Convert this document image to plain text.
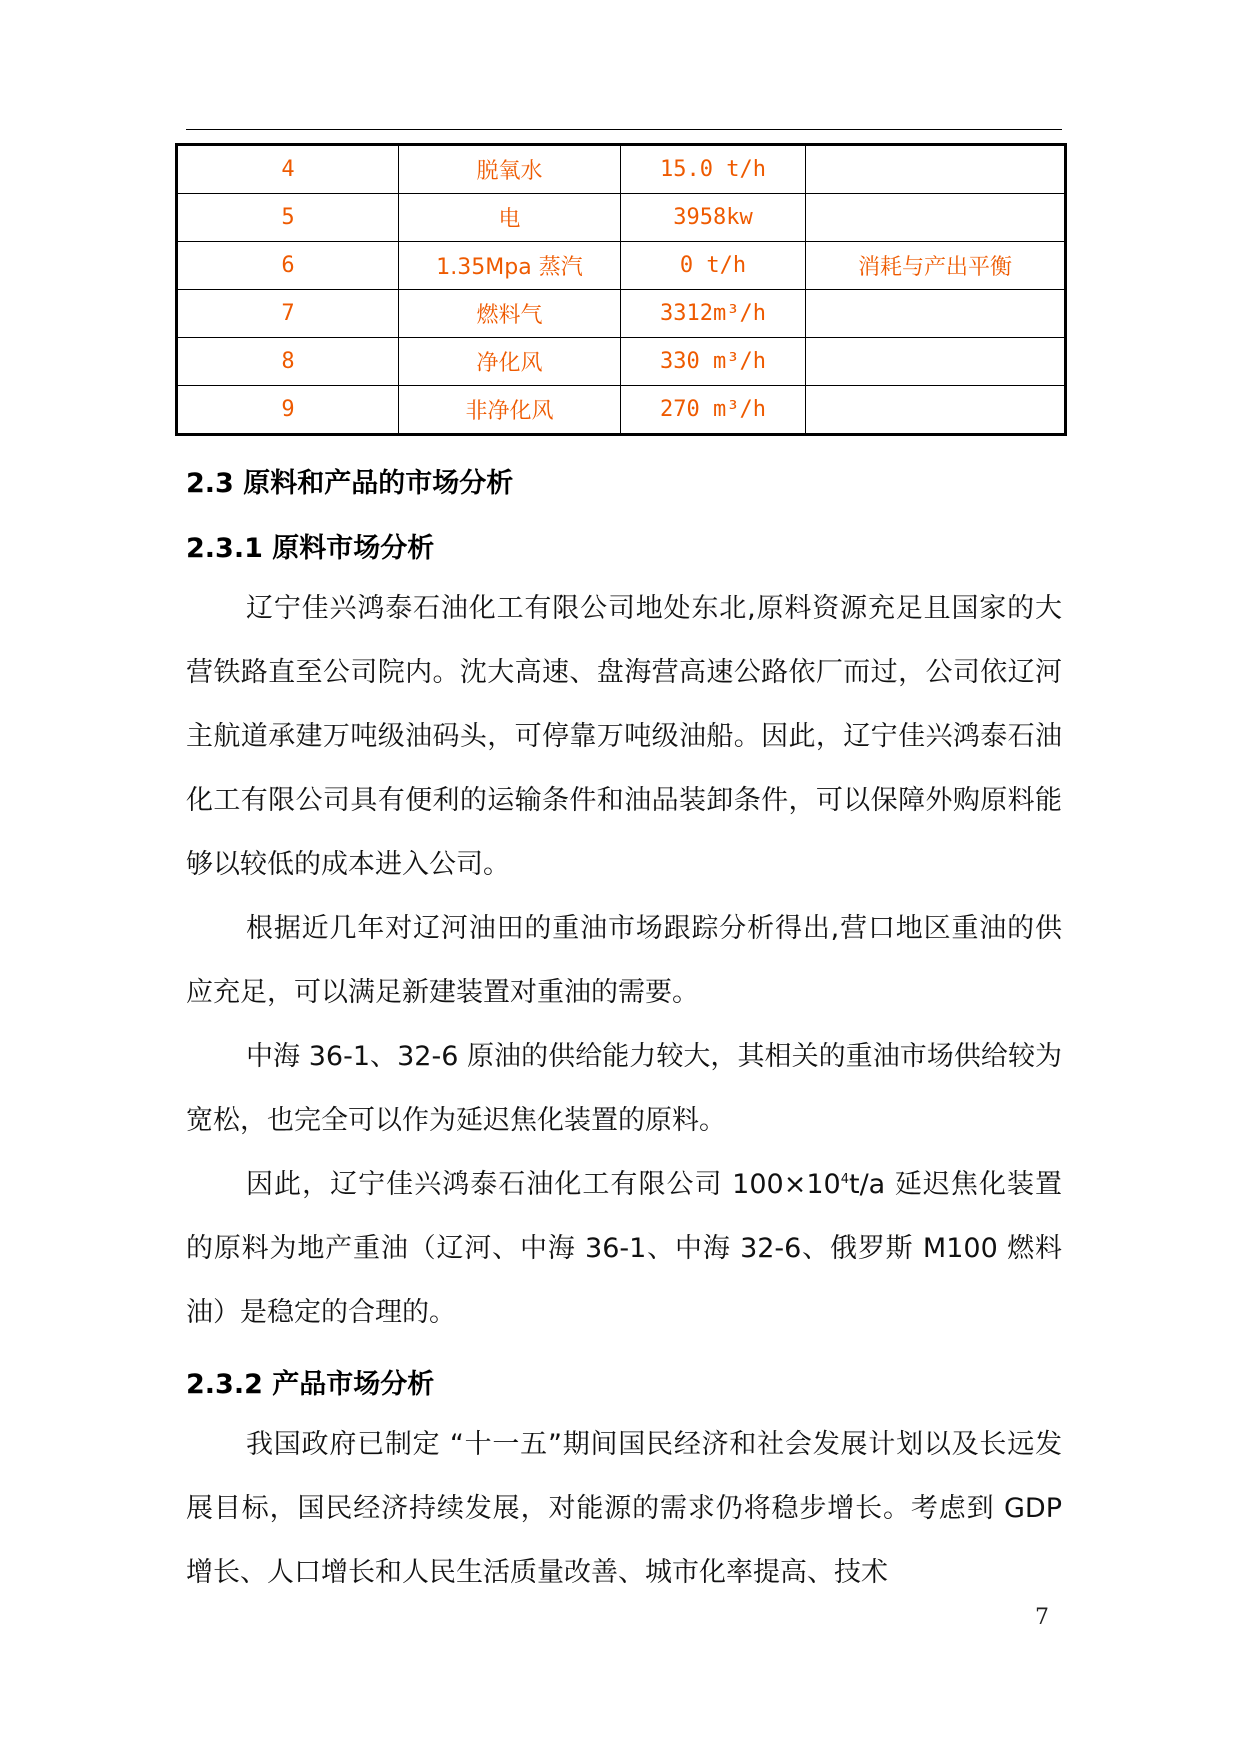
4	脱氧水	15.0 t/h	
5	电	3958kw	
6	1.35Mpa 蒸汽	0 t/h	消耗与产出平衡
7	燃料气	3312m³/h	
8	净化风	330 m³/h	
9	非净化风	270 m³/h	
2.3 原料和产品的市场分析
2.3.1 原料市场分析

辽宁佳兴鸿泰石油化工有限公司地处东北,原料资源充足且国家的大营铁路直至公司院内。沈大高速、盘海营高速公路依厂而过，公司依辽河主航道承建万吨级油码头，可停靠万吨级油船。因此，辽宁佳兴鸿泰石油化工有限公司具有便利的运输条件和油品装卸条件，可以保障外购原料能够以较低的成本进入公司。

根据近几年对辽河油田的重油市场跟踪分析得出,营口地区重油的供应充足，可以满足新建装置对重油的需要。

中海 36-1、32-6 原油的供给能力较大，其相关的重油市场供给较为宽松，也完全可以作为延迟焦化装置的原料。

因此，辽宁佳兴鸿泰石油化工有限公司 $100\times 10^4t/a$ 延迟焦化装置的原料为地产重油（辽河、中海 36-1、中海 32-6、俄罗斯 M100 燃料油）是稳定的合理的。

2.3.2 产品市场分析

我国政府已制定 “十一五”期间国民经济和社会发展计划以及长远发展目标，国民经济持续发展，对能源的需求仍将稳步增长。考虑到 GDP 增长、人口增长和人民生活质量改善、城市化率提高、技术

7
